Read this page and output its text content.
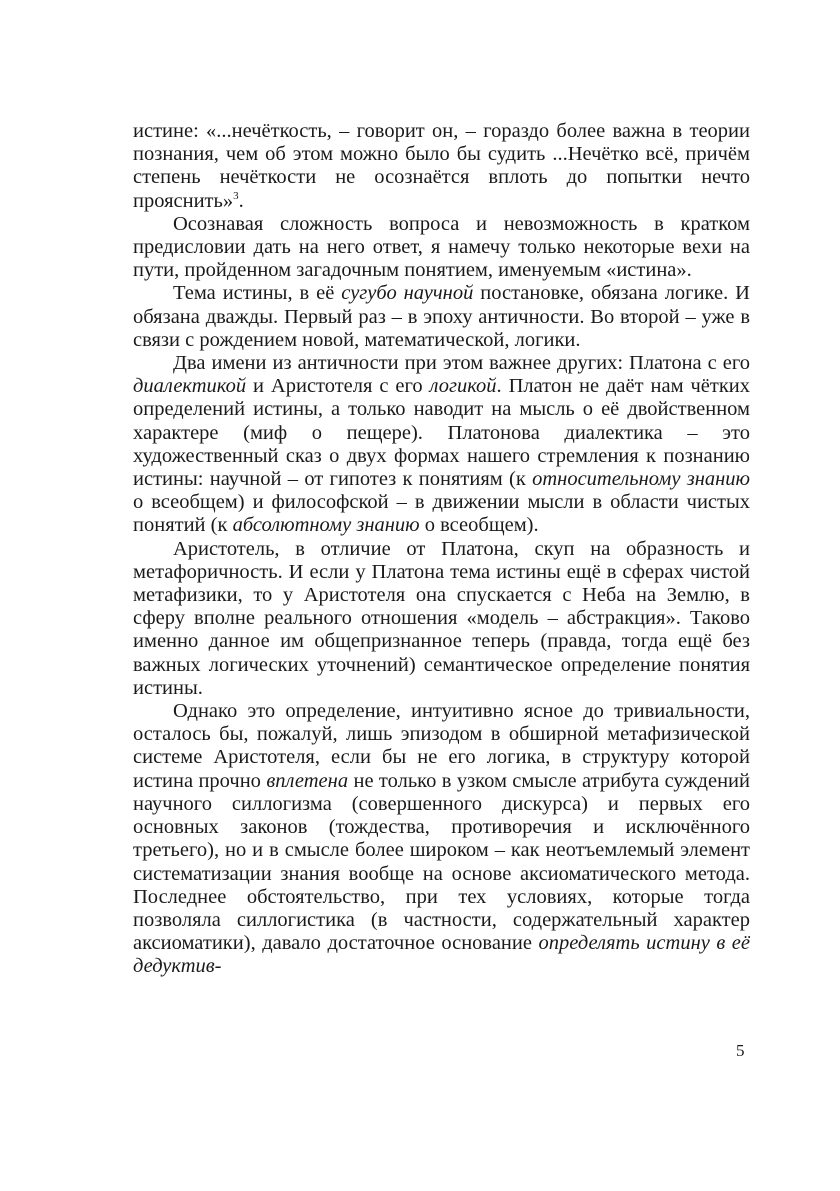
истине: «...нечёткость, – говорит он, – гораздо более важна в теории познания, чем об этом можно было бы судить ...Нечётко всё, причём степень нечёткости не осознаётся вплоть до попытки нечто прояснить»$^3$.

Осознавая сложность вопроса и невозможность в кратком предисловии дать на него ответ, я намечу только некоторые вехи на пути, пройденном загадочным понятием, именуемым «истина».

Тема истины, в её сугубо научной постановке, обязана логике. И обязана дважды. Первый раз – в эпоху античности. Во второй – уже в связи с рождением новой, математической, логики.

Два имени из античности при этом важнее других: Платона с его диалектикой и Аристотеля с его логикой. Платон не даёт нам чётких определений истины, а только наводит на мысль о её двойственном характере (миф о пещере). Платонова диалектика – это художественный сказ о двух формах нашего стремления к познанию истины: научной – от гипотез к понятиям (к относительному знанию о всеобщем) и философской – в движении мысли в области чистых понятий (к абсолютному знанию о всеобщем).

Аристотель, в отличие от Платона, скуп на образность и метафоричность. И если у Платона тема истины ещё в сферах чистой метафизики, то у Аристотеля она спускается с Неба на Землю, в сферу вполне реального отношения «модель – абстракция». Таково именно данное им общепризнанное теперь (правда, тогда ещё без важных логических уточнений) семантическое определение понятия истины.

Однако это определение, интуитивно ясное до тривиальности, осталось бы, пожалуй, лишь эпизодом в обширной метафизической системе Аристотеля, если бы не его логика, в структуру которой истина прочно вплетена не только в узком смысле атрибута суждений научного силлогизма (совершенного дискурса) и первых его основных законов (тождества, противоречия и исключённого третьего), но и в смысле более широком – как неотъемлемый элемент систематизации знания вообще на основе аксиоматического метода. Последнее обстоятельство, при тех условиях, которые тогда позволяла силлогистика (в частности, содержательный характер аксиоматики), давало достаточное основание определять истину в её дедуктив-

5
